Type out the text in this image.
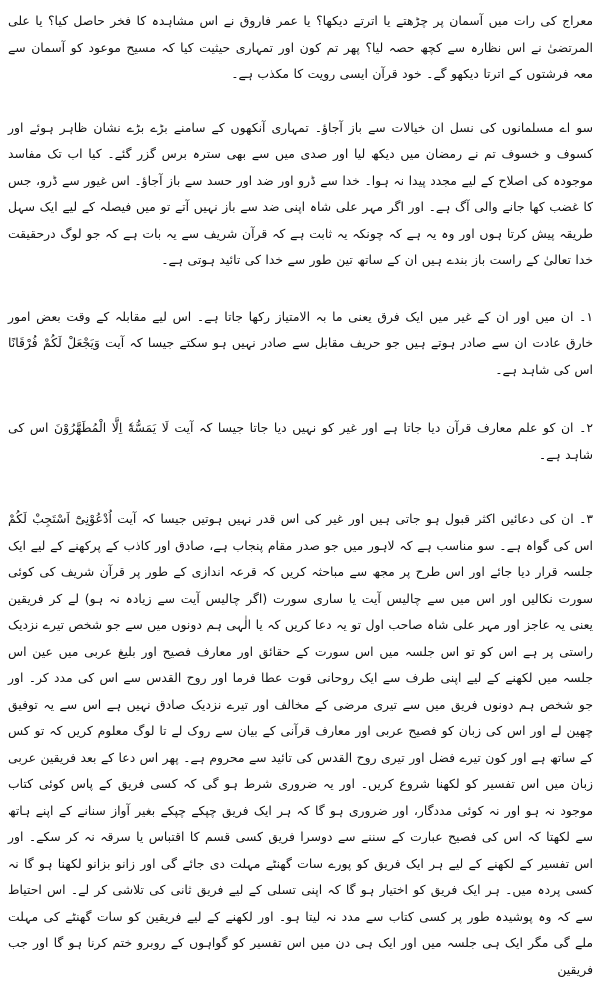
معراج کی رات میں آسمان پر چڑھتے یا اترتے دیکھا؟ یا عمر فاروق نے اس مشاہدہ کا فخر حاصل کیا؟ یا علی المرتضیٰ نے اس نظارہ سے کچھ حصہ لیا؟ پھر تم کون اور تمہاری حیثیت کیا کہ مسیح موعود کو آسمان سے معہ فرشتوں کے اترتا دیکھو گے۔ خود قرآن ایسی رویت کا مکذب ہے۔

سو اے مسلمانوں کی نسل ان خیالات سے باز آجاؤ۔ تمہاری آنکھوں کے سامنے بڑے بڑے نشان ظاہر ہوئے اور کسوف و خسوف تم نے رمضان میں دیکھ لیا اور صدی میں سے بھی سترہ برس گزر گئے۔ کیا اب تک مفاسد موجودہ کی اصلاح کے لیے مجدد پیدا نہ ہوا۔ خدا سے ڈرو اور ضد اور حسد سے باز آجاؤ۔ اس غیور سے ڈرو، جس کا غضب کھا جانے والی آگ ہے۔ اور اگر مہر علی شاہ اپنی ضد سے باز نہیں آتے تو میں فیصلہ کے لیے ایک سہل طریقہ پیش کرتا ہوں اور وہ یہ ہے کہ چونکہ یہ ثابت ہے کہ قرآن شریف سے یہ بات ہے کہ جو لوگ درحقیقت خدا تعالیٰ کے راست باز بندے ہیں ان کے ساتھ تین طور سے خدا کی تائید ہوتی ہے۔

۱۔ ان میں اور ان کے غیر میں ایک فرق یعنی ما بہ الامتیاز رکھا جاتا ہے۔ اس لیے مقابلہ کے وقت بعض امور خارق عادت ان سے صادر ہوتے ہیں جو حریف مقابل سے صادر نہیں ہو سکتے جیسا کہ آیت وَيَجْعَلْ لَكُمْ فُرْقَانًا اس کی شاہد ہے۔

۲۔ ان کو علم معارف قرآن دیا جاتا ہے اور غیر کو نہیں دیا جاتا جیسا کہ آیت لَا يَمَسُّهٗٓ اِلَّا الْمُطَهَّرُوْنَ اس کی شاہد ہے۔

۳۔ ان کی دعائیں اکثر قبول ہو جاتی ہیں اور غیر کی اس قدر نہیں ہوتیں جیسا کہ آیت اُدْعُوْنِیْٓ اَسْتَجِبْ لَكُمْ اس کی گواہ ہے۔ سو مناسب ہے کہ لاہور میں جو صدر مقام پنجاب ہے، صادق اور کاذب کے پرکھنے کے لیے ایک جلسہ قرار دیا جائے اور اس طرح پر مجھ سے مباحثہ کریں کہ قرعہ اندازی کے طور پر قرآن شریف کی کوئی سورت نکالیں اور اس میں سے چالیس آیت یا ساری سورت (اگر چالیس آیت سے زیادہ نہ ہو) لے کر فریقین یعنی یہ عاجز اور مہر علی شاہ صاحب اول تو یہ دعا کریں کہ یا الٰہی ہم دونوں میں سے جو شخص تیرے نزدیک راستی پر ہے اس کو تو اس جلسہ میں اس سورت کے حقائق اور معارف فصیح اور بلیغ عربی میں عین اس جلسہ میں لکھنے کے لیے اپنی طرف سے ایک روحانی قوت عطا فرما اور روح القدس سے اس کی مدد کر۔ اور جو شخص ہم دونوں فریق میں سے تیری مرضی کے مخالف اور تیرے نزدیک صادق نہیں ہے اس سے یہ توفیق چھین لے اور اس کی زبان کو فصیح عربی اور معارف قرآنی کے بیان سے روک لے تا لوگ معلوم کریں کہ تو کس کے ساتھ ہے اور کون تیرے فضل اور تیری روح القدس کی تائید سے محروم ہے۔ پھر اس دعا کے بعد فریقین عربی زبان میں اس تفسیر کو لکھنا شروع کریں۔ اور یہ ضروری شرط ہو گی کہ کسی فریق کے پاس کوئی کتاب موجود نہ ہو اور نہ کوئی مددگار، اور ضروری ہو گا کہ ہر ایک فریق چپکے چپکے بغیر آواز سنانے کے اپنے ہاتھ سے لکھتا کہ اس کی فصیح عبارت کے سننے سے دوسرا فریق کسی قسم کا اقتباس یا سرقہ نہ کر سکے۔ اور اس تفسیر کے لکھنے کے لیے ہر ایک فریق کو پورے سات گھنٹے مہلت دی جائے گی اور زانو بزانو لکھنا ہو گا نہ کسی پردہ میں۔ ہر ایک فریق کو اختیار ہو گا کہ اپنی تسلی کے لیے فریق ثانی کی تلاشی کر لے۔ اس احتیاط سے کہ وہ پوشیدہ طور پر کسی کتاب سے مدد نہ لیتا ہو۔ اور لکھنے کے لیے فریقین کو سات گھنٹے کی مہلت ملے گی مگر ایک ہی جلسہ میں اور ایک ہی دن میں اس تفسیر کو گواہوں کے روبرو ختم کرنا ہو گا اور جب فریقین
